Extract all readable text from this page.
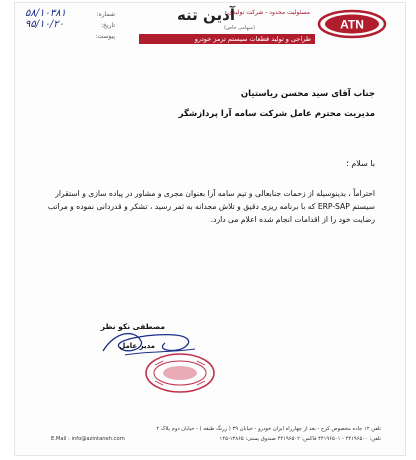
ATN
مسئولیت محدود - شرکت تولیدی
آذین تنه
(سهامی خاص)
طراحی و تولید قطعات سیستم ترمز خودرو
شماره:
۵۸/۱۰۳۸۱
تاریخ:
۹۵/۱۰/۲۰
پیوست:
جناب آقای سید محسن ریاستیان
مدیریت محترم عامل شرکت سامه آرا پردازشگر
با سلام ؛
احتراماً ، بدینوسیله از زحمات جنابعالی و تیم سامه آرا بعنوان مجری و مشاور در پیاده سازی و استقرار سیستم ERP-SAP که با برنامه ریزی دقیق و تلاش مجدانه به ثمر رسید ، تشکر و قدردانی نموده و مراتب رضایت خود را از اقدامات انجام شده اعلام می دارد.
مصطفی نکو نظر
مدیر عامل
تلفن ۱۲ جاده مخصوص کرج - بعد از چهارراه ایران خودرو - خیابان ۳۹ ( زرنگ طبقه ) - خیابان دوم پلاک ۲
تلفن: ۴۴۱۹۶۵۰۰ - ۴۴۱۹۶۵۰۱ فاکس: ۴۴۱۹۶۵۰۲ صندوق پستی: ۱۳۸۶۵-۱۴۵
E.Mail : info@azintaneh.com
